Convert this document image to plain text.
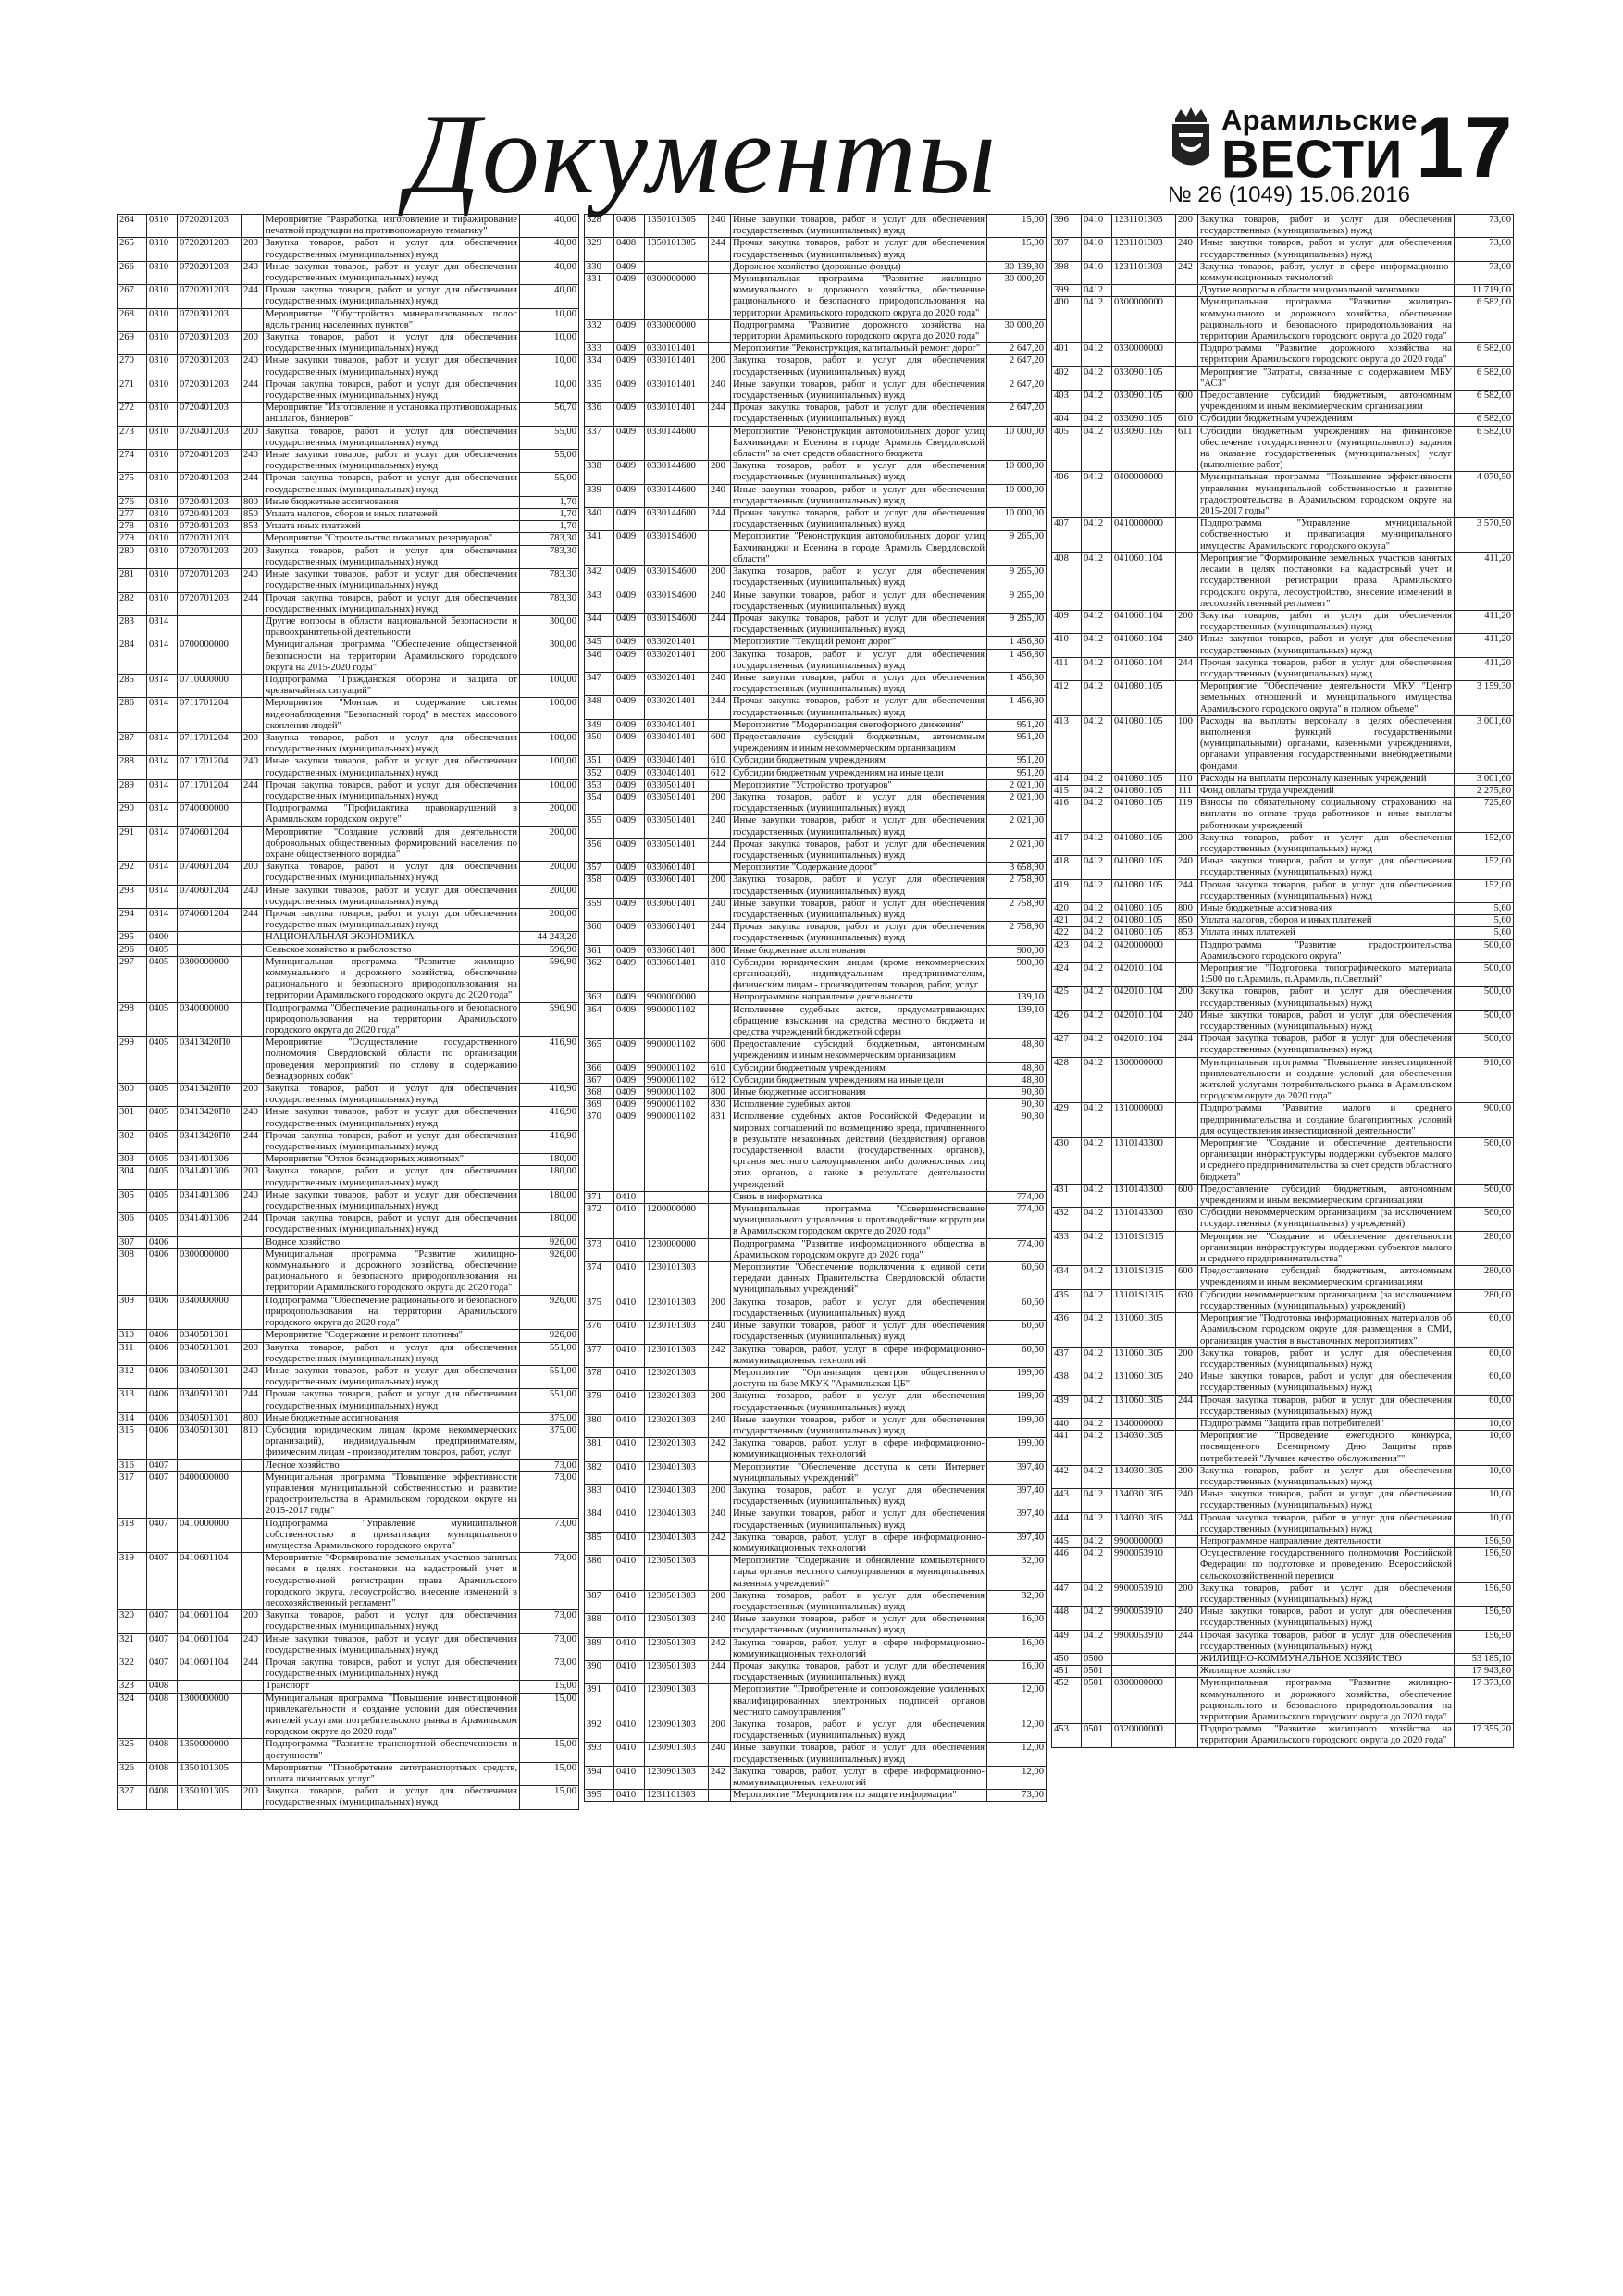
Документы	Арамильские
ВЕСТИ 17
№ 26 (1049) 15.06.2016
264	0310	0720201203		Мероприятие "Разработка, изготовление и тиражирование печатной продукции на противопожарную тематику"	40,00
265	0310	0720201203	200	Закупка товаров, работ и услуг для обеспечения государственных (муниципальных) нужд	40,00
266	0310	0720201203	240	Иные закупки товаров, работ и услуг для обеспечения государственных (муниципальных) нужд	40,00
267	0310	0720201203	244	Прочая закупка товаров, работ и услуг для обеспечения государственных (муниципальных) нужд	40,00
268	0310	0720301203		Мероприятие "Обустройство минерализованных полос вдоль границ населенных пунктов"	10,00
269	0310	0720301203	200	Закупка товаров, работ и услуг для обеспечения государственных (муниципальных) нужд	10,00
270	0310	0720301203	240	Иные закупки товаров, работ и услуг для обеспечения государственных (муниципальных) нужд	10,00
271	0310	0720301203	244	Прочая закупка товаров, работ и услуг для обеспечения государственных (муниципальных) нужд	10,00
272	0310	0720401203		Мероприятие "Изготовление и установка противопожарных аншлагов, баннеров"	56,70
273	0310	0720401203	200	Закупка товаров, работ и услуг для обеспечения государственных (муниципальных) нужд	55,00
274	0310	0720401203	240	Иные закупки товаров, работ и услуг для обеспечения государственных (муниципальных) нужд	55,00
275	0310	0720401203	244	Прочая закупка товаров, работ и услуг для обеспечения государственных (муниципальных) нужд	55,00
276	0310	0720401203	800	Иные бюджетные ассигнования	1,70
277	0310	0720401203	850	Уплата налогов, сборов и иных платежей	1,70
278	0310	0720401203	853	Уплата иных платежей	1,70
279	0310	0720701203		Мероприятие "Строительство пожарных резервуаров"	783,30
280	0310	0720701203	200	Закупка товаров, работ и услуг для обеспечения государственных (муниципальных) нужд	783,30
281	0310	0720701203	240	Иные закупки товаров, работ и услуг для обеспечения государственных (муниципальных) нужд	783,30
282	0310	0720701203	244	Прочая закупка товаров, работ и услуг для обеспечения государственных (муниципальных) нужд	783,30
283	0314			Другие вопросы в области национальной безопасности и правоохранительной деятельности	300,00
284	0314	0700000000		Муниципальная программа "Обеспечение общественной безопасности на территории Арамильского городского округа на 2015-2020 годы"	300,00
285	0314	0710000000		Подпрограмма "Гражданская оборона и защита от чрезвычайных ситуаций"	100,00
286	0314	0711701204		Мероприятия "Монтаж и содержание системы видеонаблюдения "Безопасный город" в местах массового скопления людей"	100,00
287	0314	0711701204	200	Закупка товаров, работ и услуг для обеспечения государственных (муниципальных) нужд	100,00
288	0314	0711701204	240	Иные закупки товаров, работ и услуг для обеспечения государственных (муниципальных) нужд	100,00
289	0314	0711701204	244	Прочая закупка товаров, работ и услуг для обеспечения государственных (муниципальных) нужд	100,00
290	0314	0740000000		Подпрограмма "Профилактика правонарушений в Арамильском городском округе"	200,00
291	0314	0740601204		Мероприятие "Создание условий для деятельности добровольных общественных формирований населения по охране общественного порядка"	200,00
292	0314	0740601204	200	Закупка товаров, работ и услуг для обеспечения государственных (муниципальных) нужд	200,00
293	0314	0740601204	240	Иные закупки товаров, работ и услуг для обеспечения государственных (муниципальных) нужд	200,00
294	0314	0740601204	244	Прочая закупка товаров, работ и услуг для обеспечения государственных (муниципальных) нужд	200,00
295	0400			НАЦИОНАЛЬНАЯ ЭКОНОМИКА	44 243,20
296	0405			Сельское хозяйство и рыболовство	596,90
297	0405	0300000000		Муниципальная программа "Развитие жилищно-коммунального и дорожного хозяйства, обеспечение рационального и безопасного природопользования на территории Арамильского городского округа до 2020 года"	596,90
298	0405	0340000000		Подпрограмма "Обеспечение рационального и безопасного природопользования на территории Арамильского городского округа до 2020 года"	596,90
299	0405	03413420П0		Мероприятие "Осуществление государственного полномочия Свердловской области по организации проведения мероприятий по отлову и содержанию безнадзорных собак"	416,90
300	0405	03413420П0	200	Закупка товаров, работ и услуг для обеспечения государственных (муниципальных) нужд	416,90
301	0405	03413420П0	240	Иные закупки товаров, работ и услуг для обеспечения государственных (муниципальных) нужд	416,90
302	0405	03413420П0	244	Прочая закупка товаров, работ и услуг для обеспечения государственных (муниципальных) нужд	416,90
303	0405	0341401306		Мероприятие "Отлов безнадзорных животных"	180,00
304	0405	0341401306	200	Закупка товаров, работ и услуг для обеспечения государственных (муниципальных) нужд	180,00
305	0405	0341401306	240	Иные закупки товаров, работ и услуг для обеспечения государственных (муниципальных) нужд	180,00
306	0405	0341401306	244	Прочая закупка товаров, работ и услуг для обеспечения государственных (муниципальных) нужд	180,00
307	0406			Водное хозяйство	926,00
308	0406	0300000000		Муниципальная программа "Развитие жилищно-коммунального и дорожного хозяйства, обеспечение рационального и безопасного природопользования на территории Арамильского городского округа до 2020 года"	926,00
309	0406	0340000000		Подпрограмма "Обеспечение рационального и безопасного природопользования на территории Арамильского городского округа до 2020 года"	926,00
310	0406	0340501301		Мероприятие "Содержание и ремонт плотины"	926,00
311	0406	0340501301	200	Закупка товаров, работ и услуг для обеспечения государственных (муниципальных) нужд	551,00
312	0406	0340501301	240	Иные закупки товаров, работ и услуг для обеспечения государственных (муниципальных) нужд	551,00
313	0406	0340501301	244	Прочая закупка товаров, работ и услуг для обеспечения государственных (муниципальных) нужд	551,00
314	0406	0340501301	800	Иные бюджетные ассигнования	375,00
315	0406	0340501301	810	Субсидии юридическим лицам (кроме некоммерческих организаций), индивидуальным предпринимателям, физическим лицам - производителям товаров, работ, услуг	375,00
316	0407			Лесное хозяйство	73,00
317	0407	0400000000		Муниципальная программа "Повышение эффективности управления муниципальной собственностью и развитие градостроительства в Арамильском городском округе на 2015-2017 годы"	73,00
318	0407	0410000000		Подпрограмма "Управление муниципальной собственностью и приватизация муниципального имущества Арамильского городского округа"	73,00
319	0407	0410601104		Мероприятие "Формирование земельных участков занятых лесами в целях постановки на кадастровый учет и государственной регистрации права Арамильского городского округа, лесоустройство, внесение изменений в лесохозяйственный регламент"	73,00
320	0407	0410601104	200	Закупка товаров, работ и услуг для обеспечения государственных (муниципальных) нужд	73,00
321	0407	0410601104	240	Иные закупки товаров, работ и услуг для обеспечения государственных (муниципальных) нужд	73,00
322	0407	0410601104	244	Прочая закупка товаров, работ и услуг для обеспечения государственных (муниципальных) нужд	73,00
323	0408			Транспорт	15,00
324	0408	1300000000		Муниципальная программа "Повышение инвестиционной привлекательности и создание условий для обеспечения жителей услугами потребительского рынка в Арамильском городском округе до 2020 года"	15,00
325	0408	1350000000		Подпрограмма "Развитие транспортной обеспеченности и доступности"	15,00
326	0408	1350101305		Мероприятие "Приобретение автотранспортных средств, оплата лизинговых услуг"	15,00
327	0408	1350101305	200	Закупка товаров, работ и услуг для обеспечения государственных (муниципальных) нужд	15,00
328	0408	1350101305	240	Иные закупки товаров, работ и услуг для обеспечения государственных (муниципальных) нужд	15,00
329	0408	1350101305	244	Прочая закупка товаров, работ и услуг для обеспечения государственных (муниципальных) нужд	15,00
330	0409			Дорожное хозяйство (дорожные фонды)	30 139,30
331	0409	0300000000		Муниципальная программа "Развитие жилищно-коммунального и дорожного хозяйства, обеспечение рационального и безопасного природопользования на территории Арамильского городского округа до 2020 года"	30 000,20
332	0409	0330000000		Подпрограмма "Развитие дорожного хозяйства на территории Арамильского городского округа до 2020 года"	30 000,20
333	0409	0330101401		Мероприятие "Реконструкция, капитальный ремонт дорог"	2 647,20
334	0409	0330101401	200	Закупка товаров, работ и услуг для обеспечения государственных (муниципальных) нужд	2 647,20
335	0409	0330101401	240	Иные закупки товаров, работ и услуг для обеспечения государственных (муниципальных) нужд	2 647,20
336	0409	0330101401	244	Прочая закупка товаров, работ и услуг для обеспечения государственных (муниципальных) нужд	2 647,20
337	0409	0330144600		Мероприятие "Реконструкция автомобильных дорог улиц Бахчиванджи и Есенина в городе Арамиль Свердловской области" за счет средств областного бюджета	10 000,00
338	0409	0330144600	200	Закупка товаров, работ и услуг для обеспечения государственных (муниципальных) нужд	10 000,00
339	0409	0330144600	240	Иные закупки товаров, работ и услуг для обеспечения государственных (муниципальных) нужд	10 000,00
340	0409	0330144600	244	Прочая закупка товаров, работ и услуг для обеспечения государственных (муниципальных) нужд	10 000,00
341	0409	03301S4600		Мероприятие "Реконструкция автомобильных дорог улиц Бахчиванджи и Есенина в городе Арамиль Свердловской области"	9 265,00
342	0409	03301S4600	200	Закупка товаров, работ и услуг для обеспечения государственных (муниципальных) нужд	9 265,00
343	0409	03301S4600	240	Иные закупки товаров, работ и услуг для обеспечения государственных (муниципальных) нужд	9 265,00
344	0409	03301S4600	244	Прочая закупка товаров, работ и услуг для обеспечения государственных (муниципальных) нужд	9 265,00
345	0409	0330201401		Мероприятие "Текущий ремонт дорог"	1 456,80
346	0409	0330201401	200	Закупка товаров, работ и услуг для обеспечения государственных (муниципальных) нужд	1 456,80
347	0409	0330201401	240	Иные закупки товаров, работ и услуг для обеспечения государственных (муниципальных) нужд	1 456,80
348	0409	0330201401	244	Прочая закупка товаров, работ и услуг для обеспечения государственных (муниципальных) нужд	1 456,80
349	0409	0330401401		Мероприятие "Модернизация светофорного движения"	951,20
350	0409	0330401401	600	Предоставление субсидий бюджетным, автономным учреждениям и иным некоммерческим организациям	951,20
351	0409	0330401401	610	Субсидии бюджетным учреждениям	951,20
352	0409	0330401401	612	Субсидии бюджетным учреждениям на иные цели	951,20
353	0409	0330501401		Мероприятие "Устройство тротуаров"	2 021,00
354	0409	0330501401	200	Закупка товаров, работ и услуг для обеспечения государственных (муниципальных) нужд	2 021,00
355	0409	0330501401	240	Иные закупки товаров, работ и услуг для обеспечения государственных (муниципальных) нужд	2 021,00
356	0409	0330501401	244	Прочая закупка товаров, работ и услуг для обеспечения государственных (муниципальных) нужд	2 021,00
357	0409	0330601401		Мероприятие "Содержание дорог"	3 658,90
358	0409	0330601401	200	Закупка товаров, работ и услуг для обеспечения государственных (муниципальных) нужд	2 758,90
359	0409	0330601401	240	Иные закупки товаров, работ и услуг для обеспечения государственных (муниципальных) нужд	2 758,90
360	0409	0330601401	244	Прочая закупка товаров, работ и услуг для обеспечения государственных (муниципальных) нужд	2 758,90
361	0409	0330601401	800	Иные бюджетные ассигнования	900,00
362	0409	0330601401	810	Субсидии юридическим лицам (кроме некоммерческих организаций), индивидуальным предпринимателям, физическим лицам - производителям товаров, работ, услуг	900,00
363	0409	9900000000		Непрограммное направление деятельности	139,10
364	0409	9900001102		Исполнение судебных актов, предусматривающих обращение взыскания на средства местного бюджета и средства учреждений бюджетной сферы	139,10
365	0409	9900001102	600	Предоставление субсидий бюджетным, автономным учреждениям и иным некоммерческим организациям	48,80
366	0409	9900001102	610	Субсидии бюджетным учреждениям	48,80
367	0409	9900001102	612	Субсидии бюджетным учреждениям на иные цели	48,80
368	0409	9900001102	800	Иные бюджетные ассигнования	90,30
369	0409	9900001102	830	Исполнение судебных актов	90,30
370	0409	9900001102	831	Исполнение судебных актов Российской Федерации и мировых соглашений по возмещению вреда, причиненного в результате незаконных действий (бездействия) органов государственной власти (государственных органов), органов местного самоуправления либо должностных лиц этих органов, а также в результате деятельности учреждений	90,30
371	0410			Связь и информатика	774,00
372	0410	1200000000		Муниципальная программа "Совершенствование муниципального управления и противодействие коррупции в Арамильском городском округе до 2020 года"	774,00
373	0410	1230000000		Подпрограмма "Развитие информационного общества в Арамильском городском округе до 2020 года"	774,00
374	0410	1230101303		Мероприятие "Обеспечение подключения к единой сети передачи данных Правительства Свердловской области муниципальных учреждений"	60,60
375	0410	1230101303	200	Закупка товаров, работ и услуг для обеспечения государственных (муниципальных) нужд	60,60
376	0410	1230101303	240	Иные закупки товаров, работ и услуг для обеспечения государственных (муниципальных) нужд	60,60
377	0410	1230101303	242	Закупка товаров, работ, услуг в сфере информационно-коммуникационных технологий	60,60
378	0410	1230201303		Мероприятие "Организация центров общественного доступа на базе МКУК "Арамильская ЦБ"	199,00
379	0410	1230201303	200	Закупка товаров, работ и услуг для обеспечения государственных (муниципальных) нужд	199,00
380	0410	1230201303	240	Иные закупки товаров, работ и услуг для обеспечения государственных (муниципальных) нужд	199,00
381	0410	1230201303	242	Закупка товаров, работ, услуг в сфере информационно-коммуникационных технологий	199,00
382	0410	1230401303		Мероприятие "Обеспечение доступа к сети Интернет муниципальных учреждений"	397,40
383	0410	1230401303	200	Закупка товаров, работ и услуг для обеспечения государственных (муниципальных) нужд	397,40
384	0410	1230401303	240	Иные закупки товаров, работ и услуг для обеспечения государственных (муниципальных) нужд	397,40
385	0410	1230401303	242	Закупка товаров, работ, услуг в сфере информационно-коммуникационных технологий	397,40
386	0410	1230501303		Мероприятие "Содержание и обновление компьютерного парка органов местного самоуправления и муниципальных казенных учреждений"	32,00
387	0410	1230501303	200	Закупка товаров, работ и услуг для обеспечения государственных (муниципальных) нужд	32,00
388	0410	1230501303	240	Иные закупки товаров, работ и услуг для обеспечения государственных (муниципальных) нужд	16,00
389	0410	1230501303	242	Закупка товаров, работ, услуг в сфере информационно-коммуникационных технологий	16,00
390	0410	1230501303	244	Прочая закупка товаров, работ и услуг для обеспечения государственных (муниципальных) нужд	16,00
391	0410	1230901303		Мероприятие "Приобретение и сопровождение усиленных квалифицированных электронных подписей органов местного самоуправления"	12,00
392	0410	1230901303	200	Закупка товаров, работ и услуг для обеспечения государственных (муниципальных) нужд	12,00
393	0410	1230901303	240	Иные закупки товаров, работ и услуг для обеспечения государственных (муниципальных) нужд	12,00
394	0410	1230901303	242	Закупка товаров, работ, услуг в сфере информационно-коммуникационных технологий	12,00
395	0410	1231101303		Мероприятие "Мероприятия по защите информации"	73,00
396	0410	1231101303	200	Закупка товаров, работ и услуг для обеспечения государственных (муниципальных) нужд	73,00
397	0410	1231101303	240	Иные закупки товаров, работ и услуг для обеспечения государственных (муниципальных) нужд	73,00
398	0410	1231101303	242	Закупка товаров, работ, услуг в сфере информационно-коммуникационных технологий	73,00
399	0412			Другие вопросы в области национальной экономики	11 719,00
400	0412	0300000000		Муниципальная программа "Развитие жилищно-коммунального и дорожного хозяйства, обеспечение рационального и безопасного природопользования на территории Арамильского городского округа до 2020 года"	6 582,00
401	0412	0330000000		Подпрограмма "Развитие дорожного хозяйства на территории Арамильского городского округа до 2020 года"	6 582,00
402	0412	0330901105		Мероприятие "Затраты, связанные с содержанием МБУ "АСЗ"	6 582,00
403	0412	0330901105	600	Предоставление субсидий бюджетным, автономным учреждениям и иным некоммерческим организациям	6 582,00
404	0412	0330901105	610	Субсидии бюджетным учреждениям	6 582,00
405	0412	0330901105	611	Субсидии бюджетным учреждениям на финансовое обеспечение государственного (муниципального) задания на оказание государственных (муниципальных) услуг (выполнение работ)	6 582,00
406	0412	0400000000		Муниципальная программа "Повышение эффективности управления муниципальной собственностью и развитие градостроительства в Арамильском городском округе на 2015-2017 годы"	4 070,50
407	0412	0410000000		Подпрограмма "Управление муниципальной собственностью и приватизация муниципального имущества Арамильского городского округа"	3 570,50
408	0412	0410601104		Мероприятие "Формирование земельных участков занятых лесами в целях постановки на кадастровый учет и государственной регистрации права Арамильского городского округа, лесоустройство, внесение изменений в лесохозяйственный регламент"	411,20
409	0412	0410601104	200	Закупка товаров, работ и услуг для обеспечения государственных (муниципальных) нужд	411,20
410	0412	0410601104	240	Иные закупки товаров, работ и услуг для обеспечения государственных (муниципальных) нужд	411,20
411	0412	0410601104	244	Прочая закупка товаров, работ и услуг для обеспечения государственных (муниципальных) нужд	411,20
412	0412	0410801105		Мероприятие "Обеспечение деятельности МКУ "Центр земельных отношений и муниципального имущества Арамильского городского округа" в полном объеме"	3 159,30
413	0412	0410801105	100	Расходы на выплаты персоналу в целях обеспечения выполнения функций государственными (муниципальными) органами, казенными учреждениями, органами управления государственными внебюджетными фондами	3 001,60
414	0412	0410801105	110	Расходы на выплаты персоналу казенных учреждений	3 001,60
415	0412	0410801105	111	Фонд оплаты труда учреждений	2 275,80
416	0412	0410801105	119	Взносы по обязательному социальному страхованию на выплаты по оплате труда работников и иные выплаты работникам учреждений	725,80
417	0412	0410801105	200	Закупка товаров, работ и услуг для обеспечения государственных (муниципальных) нужд	152,00
418	0412	0410801105	240	Иные закупки товаров, работ и услуг для обеспечения государственных (муниципальных) нужд	152,00
419	0412	0410801105	244	Прочая закупка товаров, работ и услуг для обеспечения государственных (муниципальных) нужд	152,00
420	0412	0410801105	800	Иные бюджетные ассигнования	5,60
421	0412	0410801105	850	Уплата налогов, сборов и иных платежей	5,60
422	0412	0410801105	853	Уплата иных платежей	5,60
423	0412	0420000000		Подпрограмма "Развитие градостроительства Арамильского городского округа"	500,00
424	0412	0420101104		Мероприятие "Подготовка топографического материала 1:500 по г.Арамиль, п.Арамиль, п.Светлый"	500,00
425	0412	0420101104	200	Закупка товаров, работ и услуг для обеспечения государственных (муниципальных) нужд	500,00
426	0412	0420101104	240	Иные закупки товаров, работ и услуг для обеспечения государственных (муниципальных) нужд	500,00
427	0412	0420101104	244	Прочая закупка товаров, работ и услуг для обеспечения государственных (муниципальных) нужд	500,00
428	0412	1300000000		Муниципальная программа "Повышение инвестиционной привлекательности и создание условий для обеспечения жителей услугами потребительского рынка в Арамильском городском округе до 2020 года"	910,00
429	0412	1310000000		Подпрограмма "Развитие малого и среднего предпринимательства и создание благоприятных условий для осуществления инвестиционной деятельности"	900,00
430	0412	1310143300		Мероприятие "Создание и обеспечение деятельности организации инфраструктуры поддержки субъектов малого и среднего предпринимательства за счет средств областного бюджета"	560,00
431	0412	1310143300	600	Предоставление субсидий бюджетным, автономным учреждениям и иным некоммерческим организациям	560,00
432	0412	1310143300	630	Субсидии некоммерческим организациям (за исключением государственных (муниципальных) учреждений)	560,00
433	0412	13101S1315		Мероприятие "Создание и обеспечение деятельности организации инфраструктуры поддержки субъектов малого и среднего предпринимательства"	280,00
434	0412	13101S1315	600	Предоставление субсидий бюджетным, автономным учреждениям и иным некоммерческим организациям	280,00
435	0412	13101S1315	630	Субсидии некоммерческим организациям (за исключением государственных (муниципальных) учреждений)	280,00
436	0412	1310601305		Мероприятие "Подготовка информационных материалов об Арамильском городском округе для размещения в СМИ, организация участия в выставочных мероприятиях"	60,00
437	0412	1310601305	200	Закупка товаров, работ и услуг для обеспечения государственных (муниципальных) нужд	60,00
438	0412	1310601305	240	Иные закупки товаров, работ и услуг для обеспечения государственных (муниципальных) нужд	60,00
439	0412	1310601305	244	Прочая закупка товаров, работ и услуг для обеспечения государственных (муниципальных) нужд	60,00
440	0412	1340000000		Подпрограмма "Защита прав потребителей"	10,00
441	0412	1340301305		Мероприятие "Проведение ежегодного конкурса, посвященного Всемирному Дню Защиты прав потребителей "Лучшее качество обслуживания""	10,00
442	0412	1340301305	200	Закупка товаров, работ и услуг для обеспечения государственных (муниципальных) нужд	10,00
443	0412	1340301305	240	Иные закупки товаров, работ и услуг для обеспечения государственных (муниципальных) нужд	10,00
444	0412	1340301305	244	Прочая закупка товаров, работ и услуг для обеспечения государственных (муниципальных) нужд	10,00
445	0412	9900000000		Непрограммное направление деятельности	156,50
446	0412	9900053910		Осуществление государственного полномочия Российской Федерации по подготовке и проведению Всероссийской сельскохозяйственной переписи	156,50
447	0412	9900053910	200	Закупка товаров, работ и услуг для обеспечения государственных (муниципальных) нужд	156,50
448	0412	9900053910	240	Иные закупки товаров, работ и услуг для обеспечения государственных (муниципальных) нужд	156,50
449	0412	9900053910	244	Прочая закупка товаров, работ и услуг для обеспечения государственных (муниципальных) нужд	156,50
450	0500			ЖИЛИЩНО-КОММУНАЛЬНОЕ ХОЗЯЙСТВО	53 185,10
451	0501			Жилищное хозяйство	17 943,80
452	0501	0300000000		Муниципальная программа "Развитие жилищно-коммунального и дорожного хозяйства, обеспечение рационального и безопасного природопользования на территории Арамильского городского округа до 2020 года"	17 373,00
453	0501	0320000000		Подпрограмма "Развитие жилищного хозяйства на территории Арамильского городского округа до 2020 года"	17 355,20
